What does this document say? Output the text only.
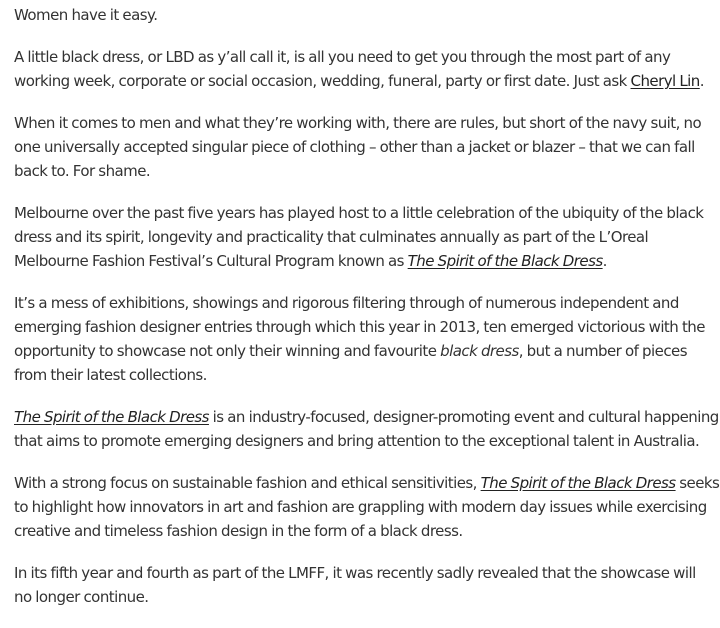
Women have it easy.

A little black dress, or LBD as y’all call it, is all you need to get you through the most part of any
working week, corporate or social occasion, wedding, funeral, party or first date. Just ask Cheryl Lin.

When it comes to men and what they’re working with, there are rules, but short of the navy suit, no
one universally accepted singular piece of clothing – other than a jacket or blazer – that we can fall
back to. For shame.

Melbourne over the past five years has played host to a little celebration of the ubiquity of the black
dress and its spirit, longevity and practicality that culminates annually as part of the L’Oreal
Melbourne Fashion Festival’s Cultural Program known as The Spirit of the Black Dress.

It’s a mess of exhibitions, showings and rigorous filtering through of numerous independent and
emerging fashion designer entries through which this year in 2013, ten emerged victorious with the
opportunity to showcase not only their winning and favourite black dress, but a number of pieces
from their latest collections.

The Spirit of the Black Dress is an industry-focused, designer-promoting event and cultural happening
that aims to promote emerging designers and bring attention to the exceptional talent in Australia.

With a strong focus on sustainable fashion and ethical sensitivities, The Spirit of the Black Dress seeks
to highlight how innovators in art and fashion are grappling with modern day issues while exercising
creative and timeless fashion design in the form of a black dress.

In its fifth year and fourth as part of the LMFF, it was recently sadly revealed that the showcase will
no longer continue.
